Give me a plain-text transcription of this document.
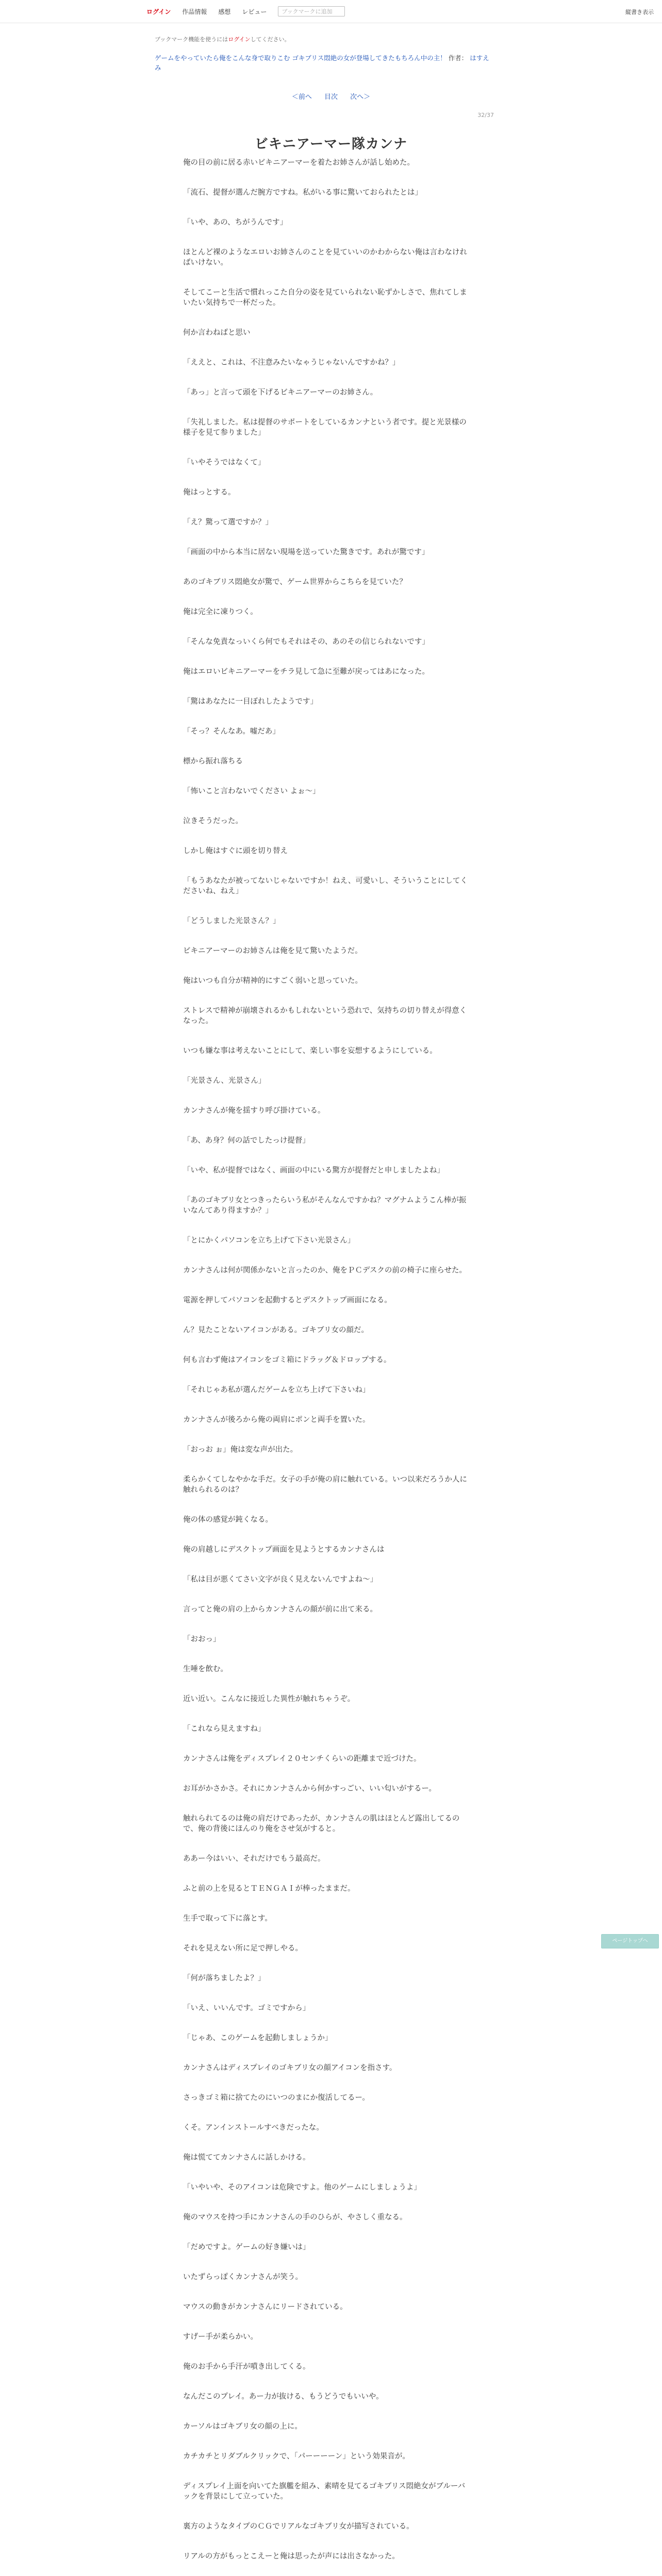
ログイン 作品情報 感想 レビュー
ブックマークに追加	縦書き表示
ブックマーク機能を使うにはログインしてください。
ゲームをやっていたら俺をこんな身で取りこむ ゴキブリス悶絶の女が登場してきたもちろん中の主！ 作者： はすえみ
＜前へ 目次 次へ＞
32/37
ビキニアーマー隊カンナ

俺の目の前に居る赤いビキニアーマーを着たお姉さんが話し始めた。

「流石、提督が選んだ腕方ですね。私がいる事に驚いておられたとは」

「いや、あの、ちがうんです」

ほとんど裸のようなエロいお姉さんのことを見ていいのかわからない俺は言わなければいけない。

そしてこーと生活で慣れっこた自分の姿を見ていられない恥ずかしさで、焦れてしまいたい気持ちで一杯だった。

何か言わねばと思い

「ええと、これは、不注意みたいなゃうじゃないんですかね？」

「あっ」と言って頭を下げるビキニアーマーのお姉さん。

「失礼しました。私は提督のサポートをしているカンナという者です。提と光景様の様子を見て参りました」

「いやそうではなくて」

俺はっとする。

「え？驚って選ですか？」

「画面の中から本当に居ない現場を送っていた驚きです。あれが驚です」

あのゴキブリス悶絶女が驚で、ゲーム世界からこちらを見ていた？

俺は完全に凍りつく。

「そんな免責なっいくら何でもそれはその、あのその信じられないです」

俺はエロいビキニアーマーをチラ見して急に至難が戻ってはあになった。

「驚はあなたに一目ぼれしたようです」

「そっ？そんなあ。嘘だあ」

標から振れ落ちる

「怖いこと言わないでください よぉ～」

泣きそうだった。

しかし俺はすぐに頭を切り替え

「もうあなたが被ってないじゃないですか！ねえ、可愛いし、そういうことにしてくださいね、ねえ」

「どうしました光景さん？」

ビキニアーマーのお姉さんは俺を見て驚いたようだ。

俺はいつも自分が精神的にすごく弱いと思っていた。

ストレスで精神が崩壊されるかもしれないという恐れで、気持ちの切り替えが得意くなった。

いつも嫌な事は考えないことにして、楽しい事を妄想するようにしている。

「光景さん、光景さん」

カンナさんが俺を揺すり呼び掛けている。

「あ、あ身？何の話でしたっけ提督」

「いや、私が提督ではなく、画面の中にいる驚方が提督だと申しましたよね」

「あのゴキブリ女とつきったらいう私がそんなんですかね？マグナムようこん棒が振いなんてあり得ますか？」

「とにかくパソコンを立ち上げて下さい光景さん」

カンナさんは何が関係かないと言ったのか、俺をＰＣデスクの前の椅子に座らせた。

電源を押してパソコンを起動するとデスクトップ画面になる。

ん？見たことないアイコンがある。ゴキブリ女の顔だ。

何も言わず俺はアイコンをゴミ箱にドラッグ＆ドロップする。

「それじゃあ私が選んだゲームを立ち上げて下さいね」

カンナさんが後ろから俺の両肩にポンと両手を置いた。

「おっお ぉ」俺は変な声が出た。

柔らかくてしなやかな手だ。女子の手が俺の肩に触れている。いつ以来だろうか人に触れられるのは？

俺の体の感覚が鈍くなる。

俺の肩越しにデスクトップ画面を見ようとするカンナさんは

「私は目が悪くてさい文字が良く見えないんですよね～」

言ってと俺の肩の上からカンナさんの顔が前に出て来る。

「おおっ」

生唾を飲む。

近い近い。こんなに接近した異性が触れちゃうぞ。

「これなら見えますね」

カンナさんは俺をディスプレイ２０センチくらいの距離まで近づけた。

お耳がかさかさ。それにカンナさんから何かすっごい、いい匂いがするー。

触れられてるのは俺の肩だけであったが、カンナさんの肌はほとんど露出してるので、俺の背後にほんのり俺をさせ気がすると。

ああー今はいい、それだけでもう最高だ。

ふと前の上を見るとＴＥＮＧＡＩが棒ったままだ。

生手で取って下に落とす。

それを見えない所に足で押しやる。

「何が落ちましたよ？」

「いえ、いいんです。ゴミですから」

「じゃあ、このゲームを起動しましょうか」

カンナさんはディスプレイのゴキブリ女の顔アイコンを指さす。

さっきゴミ箱に捨てたのにいつのまにか復活してるー。

くそ。アンインストールすべきだったな。

俺は慌ててカンナさんに話しかける。

「いやいや、そのアイコンは危険ですよ。他のゲームにしましょうよ」

俺のマウスを持つ手にカンナさんの手のひらが、やさしく重なる。

「だめですよ。ゲームの好き嫌いは」

いたずらっぽくカンナさんが笑う。

マウスの動きがカンナさんにリードされている。

すげー手が柔らかい。

俺のお手から手汗が噴き出してくる。

なんだこのプレイ。あー力が抜ける、もうどうでもいいや。

カーソルはゴキブリ女の顔の上に。

カチカチとリダブルクリックで、「パーーーーン」という効果音が。

ディスプレイ上面を向いてた旗艦を組み、素晴を見てるゴキブリス悶絶女がブルーバックを背景にして立っていた。

裏方のようなタイプのＣＧでリアルなゴキブリ女が描写されている。

リアルの方がもっとこえーと俺は思ったが声には出さなかった。

ページトップへ
